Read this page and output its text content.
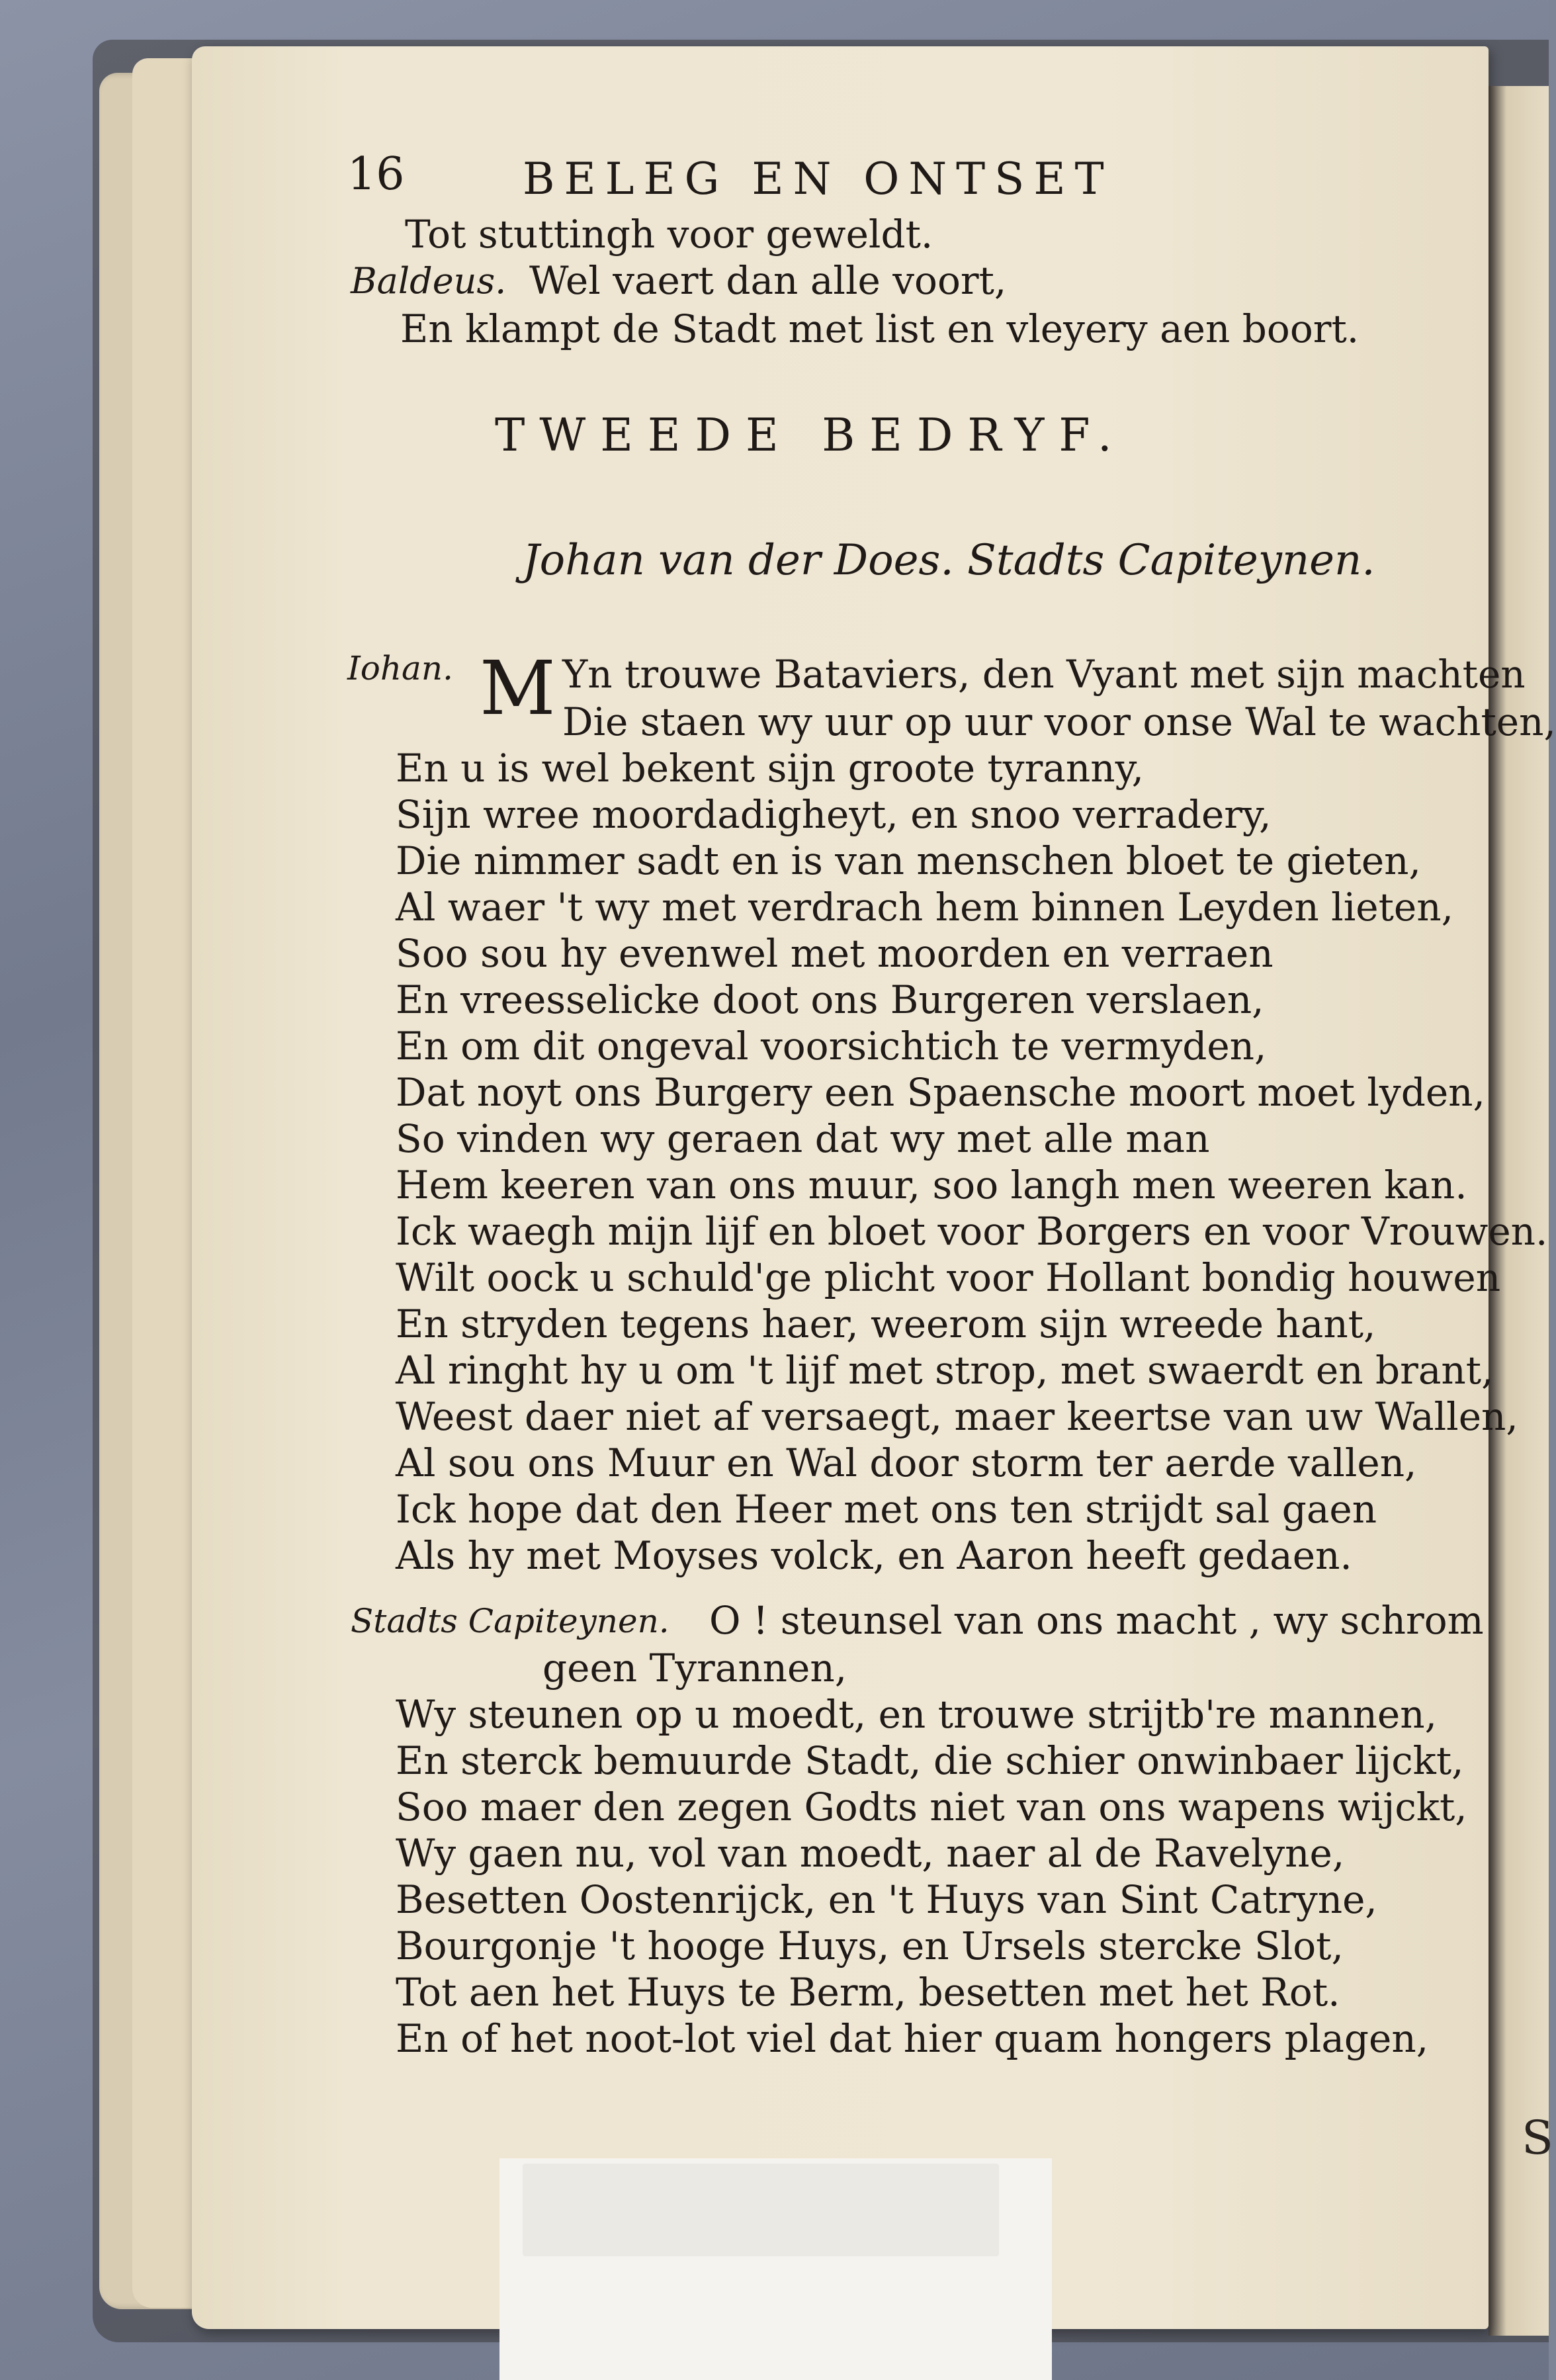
S
16	BELEG EN ONTSET
Tot stuttingh voor geweldt.
Baldeus. Wel vaert dan alle voort,
En klampt de Stadt met list en vleyery aen boort.
TWEEDE BEDRYF.
Johan van der Does. Stadts Capiteynen.
Iohan. M Yn trouwe Bataviers, den Vyant met sijn machten
Die staen wy uur op uur voor onse Wal te wachten,
En u is wel bekent sijn groote tyranny,
Sijn wree moordadigheyt, en snoo verradery,
Die nimmer sadt en is van menschen bloet te gieten,
Al waer 't wy met verdrach hem binnen Leyden lieten,
Soo sou hy evenwel met moorden en verraen
En vreesselicke doot ons Burgeren verslaen,
En om dit ongeval voorsichtich te vermyden,
Dat noyt ons Burgery een Spaensche moort moet lyden,
So vinden wy geraen dat wy met alle man
Hem keeren van ons muur, soo langh men weeren kan.
Ick waegh mijn lijf en bloet voor Borgers en voor Vrouwen.
Wilt oock u schuld'ge plicht voor Hollant bondig houwen
En stryden tegens haer, weerom sijn wreede hant,
Al ringht hy u om 't lijf met strop, met swaerdt en brant,
Weest daer niet af versaegt, maer keertse van uw Wallen,
Al sou ons Muur en Wal door storm ter aerde vallen,
Ick hope dat den Heer met ons ten strijdt sal gaen
Als hy met Moyses volck, en Aaron heeft gedaen.
Stadts Capiteynen. O ! steunsel van ons macht , wy schrom
geen Tyrannen,
Wy steunen op u moedt, en trouwe strijtb're mannen,
En sterck bemuurde Stadt, die schier onwinbaer lijckt,
Soo maer den zegen Godts niet van ons wapens wijckt,
Wy gaen nu, vol van moedt, naer al de Ravelyne,
Besetten Oostenrijck, en 't Huys van Sint Catryne,
Bourgonje 't hooge Huys, en Ursels stercke Slot,
Tot aen het Huys te Berm, besetten met het Rot.
En of het noot-lot viel dat hier quam hongers plagen,
